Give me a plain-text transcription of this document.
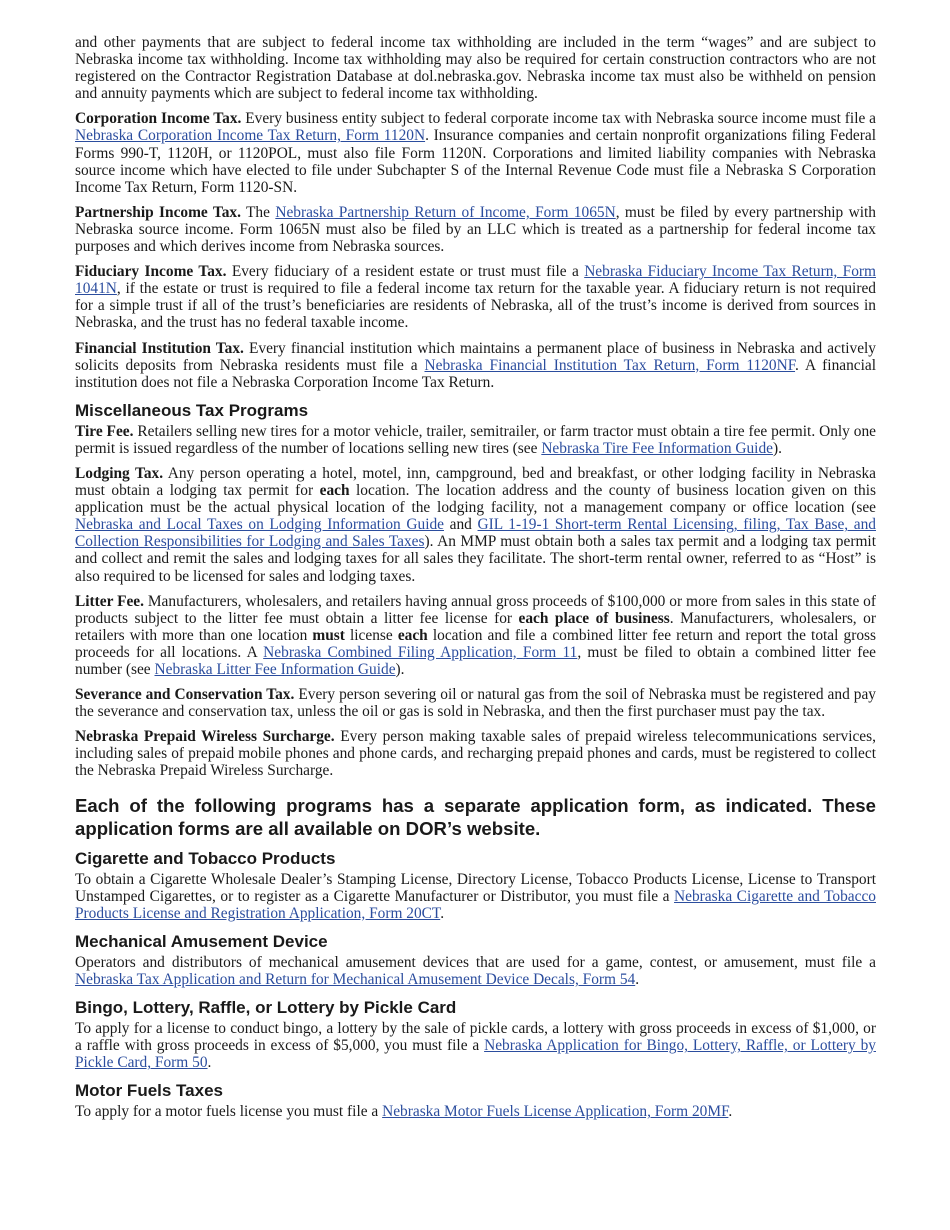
and other payments that are subject to federal income tax withholding are included in the term “wages” and are subject to Nebraska income tax withholding. Income tax withholding may also be required for certain construction contractors who are not registered on the Contractor Registration Database at dol.nebraska.gov. Nebraska income tax must also be withheld on pension and annuity payments which are subject to federal income tax withholding.

Corporation Income Tax. Every business entity subject to federal corporate income tax with Nebraska source income must file a Nebraska Corporation Income Tax Return, Form 1120N. Insurance companies and certain nonprofit organizations filing Federal Forms 990-T, 1120H, or 1120POL, must also file Form 1120N. Corporations and limited liability companies with Nebraska source income which have elected to file under Subchapter S of the Internal Revenue Code must file a Nebraska S Corporation Income Tax Return, Form 1120-SN.

Partnership Income Tax. The Nebraska Partnership Return of Income, Form 1065N, must be filed by every partnership with Nebraska source income. Form 1065N must also be filed by an LLC which is treated as a partnership for federal income tax purposes and which derives income from Nebraska sources.

Fiduciary Income Tax. Every fiduciary of a resident estate or trust must file a Nebraska Fiduciary Income Tax Return, Form 1041N, if the estate or trust is required to file a federal income tax return for the taxable year. A fiduciary return is not required for a simple trust if all of the trust’s beneficiaries are residents of Nebraska, all of the trust’s income is derived from sources in Nebraska, and the trust has no federal taxable income.

Financial Institution Tax. Every financial institution which maintains a permanent place of business in Nebraska and actively solicits deposits from Nebraska residents must file a Nebraska Financial Institution Tax Return, Form 1120NF. A financial institution does not file a Nebraska Corporation Income Tax Return.

Miscellaneous Tax Programs

Tire Fee. Retailers selling new tires for a motor vehicle, trailer, semitrailer, or farm tractor must obtain a tire fee permit. Only one permit is issued regardless of the number of locations selling new tires (see Nebraska Tire Fee Information Guide).

Lodging Tax. Any person operating a hotel, motel, inn, campground, bed and breakfast, or other lodging facility in Nebraska must obtain a lodging tax permit for each location. The location address and the county of business location given on this application must be the actual physical location of the lodging facility, not a management company or office location (see Nebraska and Local Taxes on Lodging Information Guide and GIL 1-19-1 Short-term Rental Licensing, filing, Tax Base, and Collection Responsibilities for Lodging and Sales Taxes). An MMP must obtain both a sales tax permit and a lodging tax permit and collect and remit the sales and lodging taxes for all sales they facilitate. The short-term rental owner, referred to as “Host” is also required to be licensed for sales and lodging taxes.

Litter Fee. Manufacturers, wholesalers, and retailers having annual gross proceeds of $100,000 or more from sales in this state of products subject to the litter fee must obtain a litter fee license for each place of business. Manufacturers, wholesalers, or retailers with more than one location must license each location and file a combined litter fee return and report the total gross proceeds for all locations. A Nebraska Combined Filing Application, Form 11, must be filed to obtain a combined litter fee number (see Nebraska Litter Fee Information Guide).

Severance and Conservation Tax. Every person severing oil or natural gas from the soil of Nebraska must be registered and pay the severance and conservation tax, unless the oil or gas is sold in Nebraska, and then the first purchaser must pay the tax.

Nebraska Prepaid Wireless Surcharge. Every person making taxable sales of prepaid wireless telecommunications services, including sales of prepaid mobile phones and phone cards, and recharging prepaid phones and cards, must be registered to collect the Nebraska Prepaid Wireless Surcharge.

Each of the following programs has a separate application form, as indicated. These application forms are all available on DOR’s website.
Cigarette and Tobacco Products

To obtain a Cigarette Wholesale Dealer’s Stamping License, Directory License, Tobacco Products License, License to Transport Unstamped Cigarettes, or to register as a Cigarette Manufacturer or Distributor, you must file a Nebraska Cigarette and Tobacco Products License and Registration Application, Form 20CT.

Mechanical Amusement Device

Operators and distributors of mechanical amusement devices that are used for a game, contest, or amusement, must file a Nebraska Tax Application and Return for Mechanical Amusement Device Decals, Form 54.

Bingo, Lottery, Raffle, or Lottery by Pickle Card

To apply for a license to conduct bingo, a lottery by the sale of pickle cards, a lottery with gross proceeds in excess of $1,000, or a raffle with gross proceeds in excess of $5,000, you must file a Nebraska Application for Bingo, Lottery, Raffle, or Lottery by Pickle Card, Form 50.

Motor Fuels Taxes

To apply for a motor fuels license you must file a Nebraska Motor Fuels License Application, Form 20MF.
